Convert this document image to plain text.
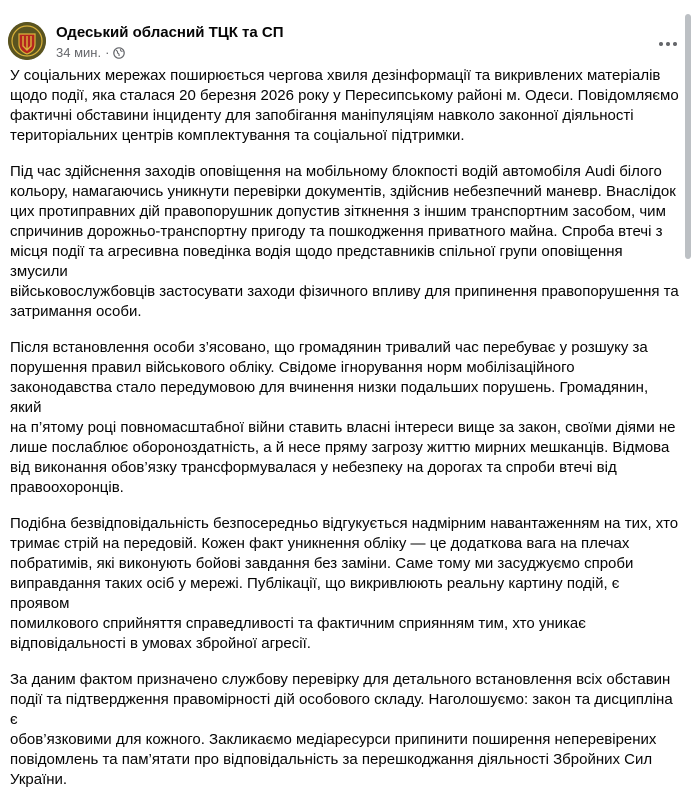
Одеський обласний ТЦК та СП
34 мин. ·

У соціальних мережах поширюється чергова хвиля дезінформації та викривлених матеріалів
щодо події, яка сталася 20 березня 2026 року у Пересипському районі м. Одеси. Повідомляємо
фактичні обставини інциденту для запобігання маніпуляціям навколо законної діяльності
територіальних центрів комплектування та соціальної підтримки.

Під час здійснення заходів оповіщення на мобільному блокпості водій автомобіля Audi білого
кольору, намагаючись уникнути перевірки документів, здійснив небезпечний маневр. Внаслідок
цих протиправних дій правопорушник допустив зіткнення з іншим транспортним засобом, чим
спричинив дорожньо-транспортну пригоду та пошкодження приватного майна. Спроба втечі з
місця події та агресивна поведінка водія щодо представників спільної групи оповіщення змусили
військовослужбовців застосувати заходи фізичного впливу для припинення правопорушення та
затримання особи.

Після встановлення особи з’ясовано, що громадянин тривалий час перебуває у розшуку за
порушення правил військового обліку. Свідоме ігнорування норм мобілізаційного
законодавства стало передумовою для вчинення низки подальших порушень. Громадянин, який
на п’ятому році повномасштабної війни ставить власні інтереси вище за закон, своїми діями не
лише послаблює обороноздатність, а й несе пряму загрозу життю мирних мешканців. Відмова
від виконання обов’язку трансформувалася у небезпеку на дорогах та спроби втечі від
правоохоронців.

Подібна безвідповідальність безпосередньо відгукується надмірним навантаженням на тих, хто
тримає стрій на передовій. Кожен факт уникнення обліку — це додаткова вага на плечах
побратимів, які виконують бойові завдання без заміни. Саме тому ми засуджуємо спроби
виправдання таких осіб у мережі. Публікації, що викривлюють реальну картину подій, є проявом
помилкового сприйняття справедливості та фактичним сприянням тим, хто уникає
відповідальності в умовах збройної агресії.

За даним фактом призначено службову перевірку для детального встановлення всіх обставин
події та підтвердження правомірності дій особового складу. Наголошуємо: закон та дисципліна є
обов’язковими для кожного. Закликаємо медіаресурси припинити поширення неперевірених
повідомлень та пам’ятати про відповідальність за перешкоджання діяльності Збройних Сил
України.
